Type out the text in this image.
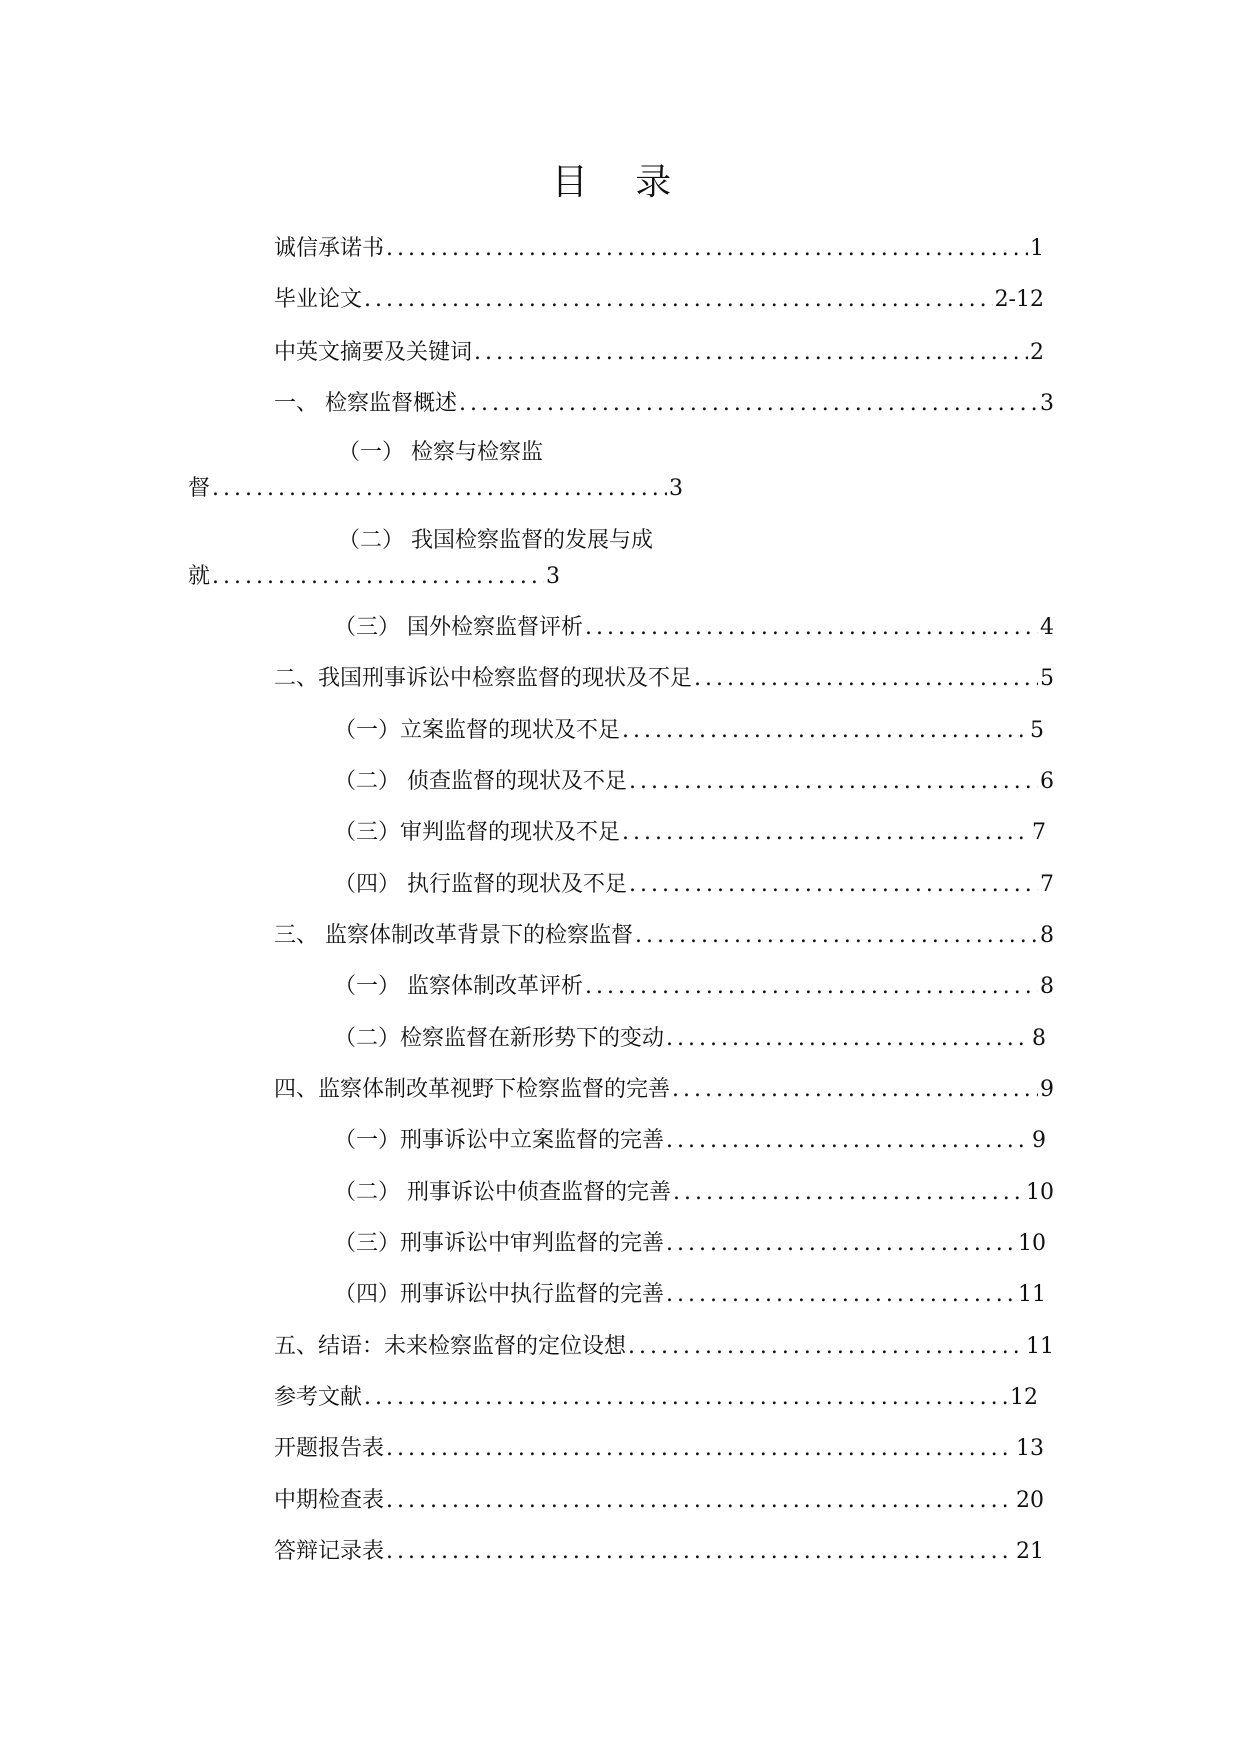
目 录
诚信承诺书 .....	1
毕业论文 .....	2-12
中英文摘要及关键词 .....	2
一、 检察监督概述 .....	3
（一） 检察与检察监
督 .....	3
（二） 我国检察监督的发展与成
就 .....	3
（三） 国外检察监督评析 .....	4
二、我国刑事诉讼中检察监督的现状及不足 .....	5
（一）立案监督的现状及不足 .....	5
（二） 侦查监督的现状及不足 .....	6
（三）审判监督的现状及不足 .....	7
（四） 执行监督的现状及不足 .....	7
三、 监察体制改革背景下的检察监督 .....	8
（一） 监察体制改革评析 .....	8
（二）检察监督在新形势下的变动 .....	8
四、监察体制改革视野下检察监督的完善 .....	9
（一）刑事诉讼中立案监督的完善 .....	9
（二） 刑事诉讼中侦查监督的完善 .....	10
（三）刑事诉讼中审判监督的完善 .....	10
（四）刑事诉讼中执行监督的完善 .....	11
五、结语：未来检察监督的定位设想 .....	11
参考文献 .....	12
开题报告表 .....	13
中期检查表 .....	20
答辩记录表 .....	21
